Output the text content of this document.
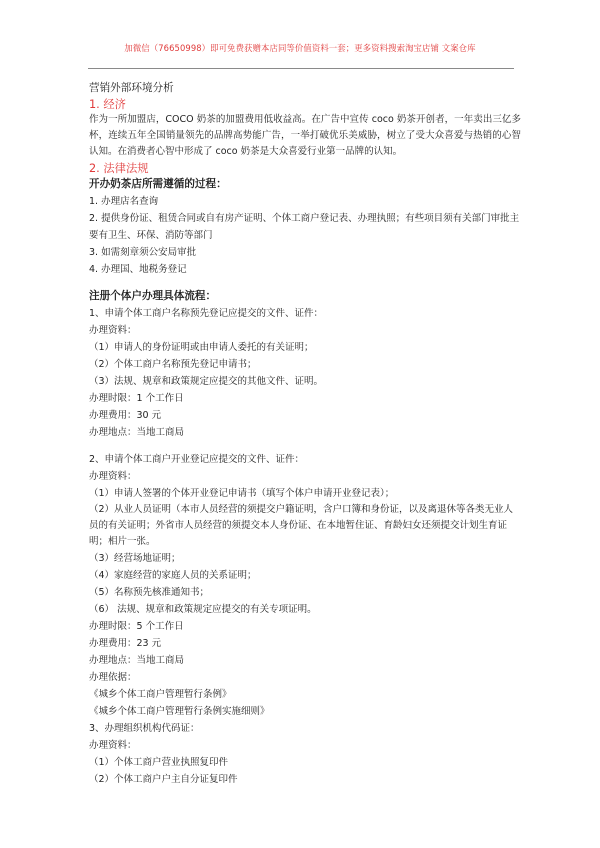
加微信（76650998）即可免费获赠本店同等价值资料一套；更多资料搜索淘宝店铺 文案仓库
营销外部环境分析
1. 经济
作为一所加盟店，COCO 奶茶的加盟费用低收益高。在广告中宣传 coco 奶茶开创者，一年卖出三亿多杯，连续五年全国销量领先的品牌高势能广告，一举打破优乐美威胁，树立了受大众喜爱与热销的心智认知。在消费者心智中形成了 coco 奶茶是大众喜爱行业第一品牌的认知。
2. 法律法规
开办奶茶店所需遵循的过程：
1. 办理店名查询
2. 提供身份证、租赁合同或自有房产证明、个体工商户登记表、办理执照；有些项目须有关部门审批主要有卫生、环保、消防等部门
3. 如需刻章须公安局审批
4. 办理国、地税务登记
注册个体户办理具体流程：
1、申请个体工商户名称预先登记应提交的文件、证件：
办理资料：
（1）申请人的身份证明或由申请人委托的有关证明；
（2）个体工商户名称预先登记申请书；
（3）法规、规章和政策规定应提交的其他文件、证明。
办理时限：1 个工作日
办理费用：30 元
办理地点：当地工商局
2、申请个体工商户开业登记应提交的文件、证件：
办理资料：
（1）申请人签署的个体开业登记申请书（填写个体户申请开业登记表）；
（2）从业人员证明（本市人员经营的须提交户籍证明，含户口簿和身份证，以及离退休等各类无业人员的有关证明；外省市人员经营的须提交本人身份证、在本地暂住证、育龄妇女还须提交计划生育证明；相片一张。
（3）经营场地证明；
（4）家庭经营的家庭人员的关系证明；
（5）名称预先核准通知书；
（6） 法规、规章和政策规定应提交的有关专项证明。
办理时限：5 个工作日
办理费用：23 元
办理地点：当地工商局
办理依据：
《城乡个体工商户管理暂行条例》
《城乡个体工商户管理暂行条例实施细则》
3、办理组织机构代码证：
办理资料：
（1）个体工商户营业执照复印件
（2）个体工商户户主自分证复印件
